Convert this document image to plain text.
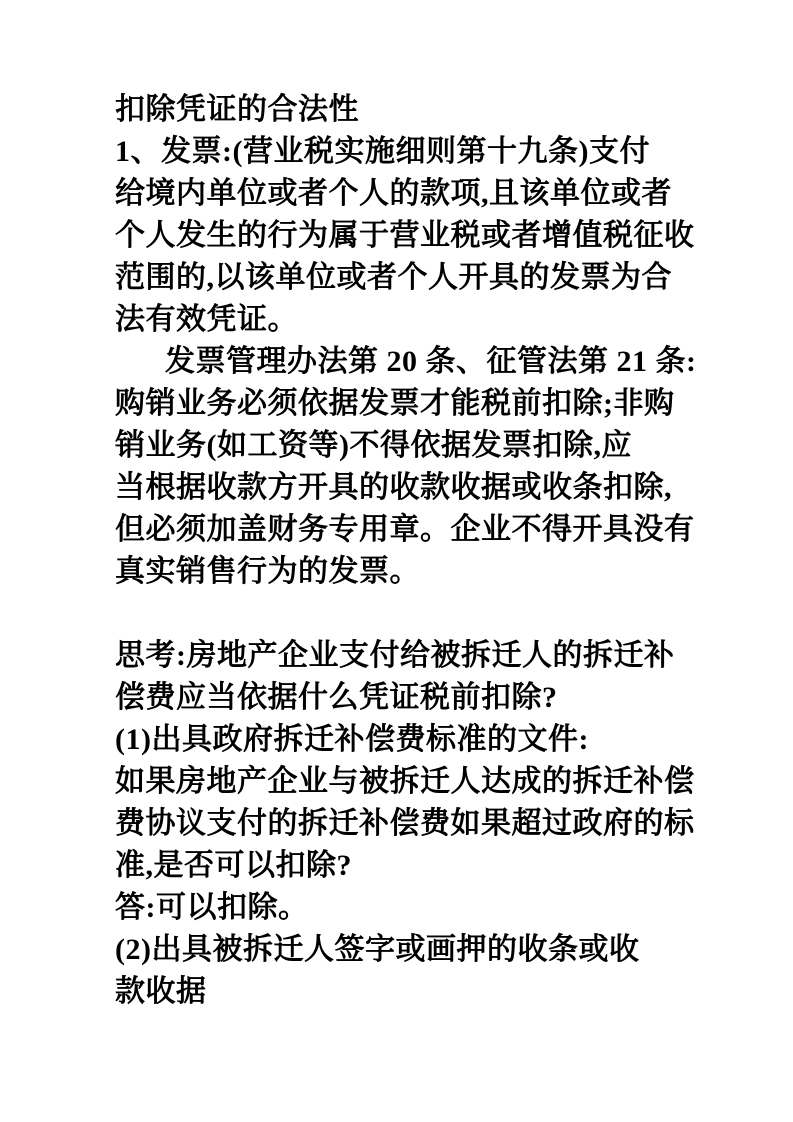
扣除凭证的合法性
1、发票:(营业税实施细则第十九条)支付
给境内单位或者个人的款项,且该单位或者
个人发生的行为属于营业税或者增值税征收
范围的,以该单位或者个人开具的发票为合
法有效凭证。
发票管理办法第 20 条、征管法第 21 条:
购销业务必须依据发票才能税前扣除;非购
销业务(如工资等)不得依据发票扣除,应
当根据收款方开具的收款收据或收条扣除,
但必须加盖财务专用章。企业不得开具没有
真实销售行为的发票。
思考:房地产企业支付给被拆迁人的拆迁补
偿费应当依据什么凭证税前扣除?
(1)出具政府拆迁补偿费标准的文件:
如果房地产企业与被拆迁人达成的拆迁补偿
费协议支付的拆迁补偿费如果超过政府的标
准,是否可以扣除?
答:可以扣除。
(2)出具被拆迁人签字或画押的收条或收
款收据
